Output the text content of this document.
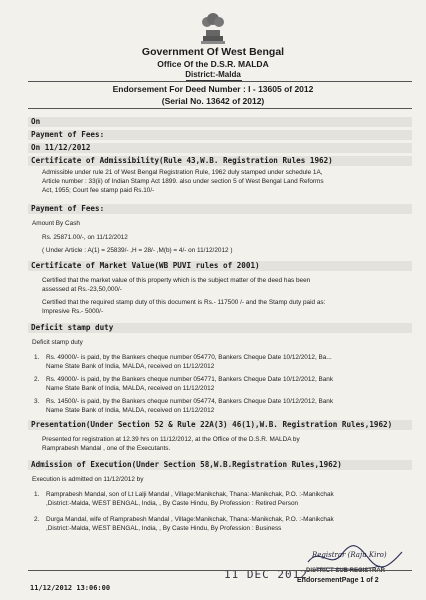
Government Of West Bengal
Office Of the D.S.R. MALDA
District:-Malda
Endorsement For Deed Number : I - 13605 of 2012
(Serial No. 13642 of 2012)
On
Payment of Fees:
On 11/12/2012
Certificate of Admissibility(Rule 43,W.B. Registration Rules 1962)
Admissible under rule 21 of West Bengal Registration Rule, 1962 duly stamped under schedule 1A,
Article number : 33(ii) of Indian Stamp Act 1899. also under section 5 of West Bengal Land Reforms
Act, 1955; Court fee stamp paid Rs.10/-
Payment of Fees:
Amount By Cash
Rs. 25871.00/-, on 11/12/2012
( Under Article : A(1) = 25839/- ,H = 28/- ,M(b) = 4/- on 11/12/2012 )
Certificate of Market Value(WB PUVI rules of 2001)
Certified that the market value of this property which is the subject matter of the deed has been
assessed at Rs.-23,50,000/-
Certified that the required stamp duty of this document is Rs.- 117500 /- and the Stamp duty paid as:
Impresive Rs.- 5000/-
Deficit stamp duty
Deficit stamp duty
1. Rs. 49000/- is paid, by the Bankers cheque number 054770, Bankers Cheque Date 10/12/2012, Ba...
Name State Bank of India, MALDA, received on 11/12/2012
2. Rs. 49000/- is paid, by the Bankers cheque number 054771, Bankers Cheque Date 10/12/2012, Bank
Name State Bank of India, MALDA, received on 11/12/2012
3. Rs. 14500/- is paid, by the Bankers cheque number 054774, Bankers Cheque Date 10/12/2012, Bank
Name State Bank of India, MALDA, received on 11/12/2012
Presentation(Under Section 52 & Rule 22A(3) 46(1),W.B. Registration Rules,1962)
Presented for registration at 12.39 hrs on 11/12/2012, at the Office of the D.S.R. MALDA by
Ramprabesh Mandal , one of the Executants.
Admission of Execution(Under Section 58,W.B.Registration Rules,1962)
Execution is admitted on 11/12/2012 by
1. Ramprabesh Mandal, son of Lt Lalji Mandal , Village:Manikchak, Thana:-Manikchak, P.O. :-Manikchak
,District:-Malda, WEST BENGAL, India, , By Caste Hindu, By Profession : Retired Person
2. Durga Mandal, wife of Ramprabesh Mandal , Village:Manikchak, Thana:-Manikchak, P.O. :-Manikchak
,District:-Malda, WEST BENGAL, India, , By Caste Hindu, By Profession : Business
Registrar (Raju Kiro)
11 DEC 2012
DISTRICT SUB REGISTRAR
11/12/2012 13:06:00
EndorsementPage 1 of 2
